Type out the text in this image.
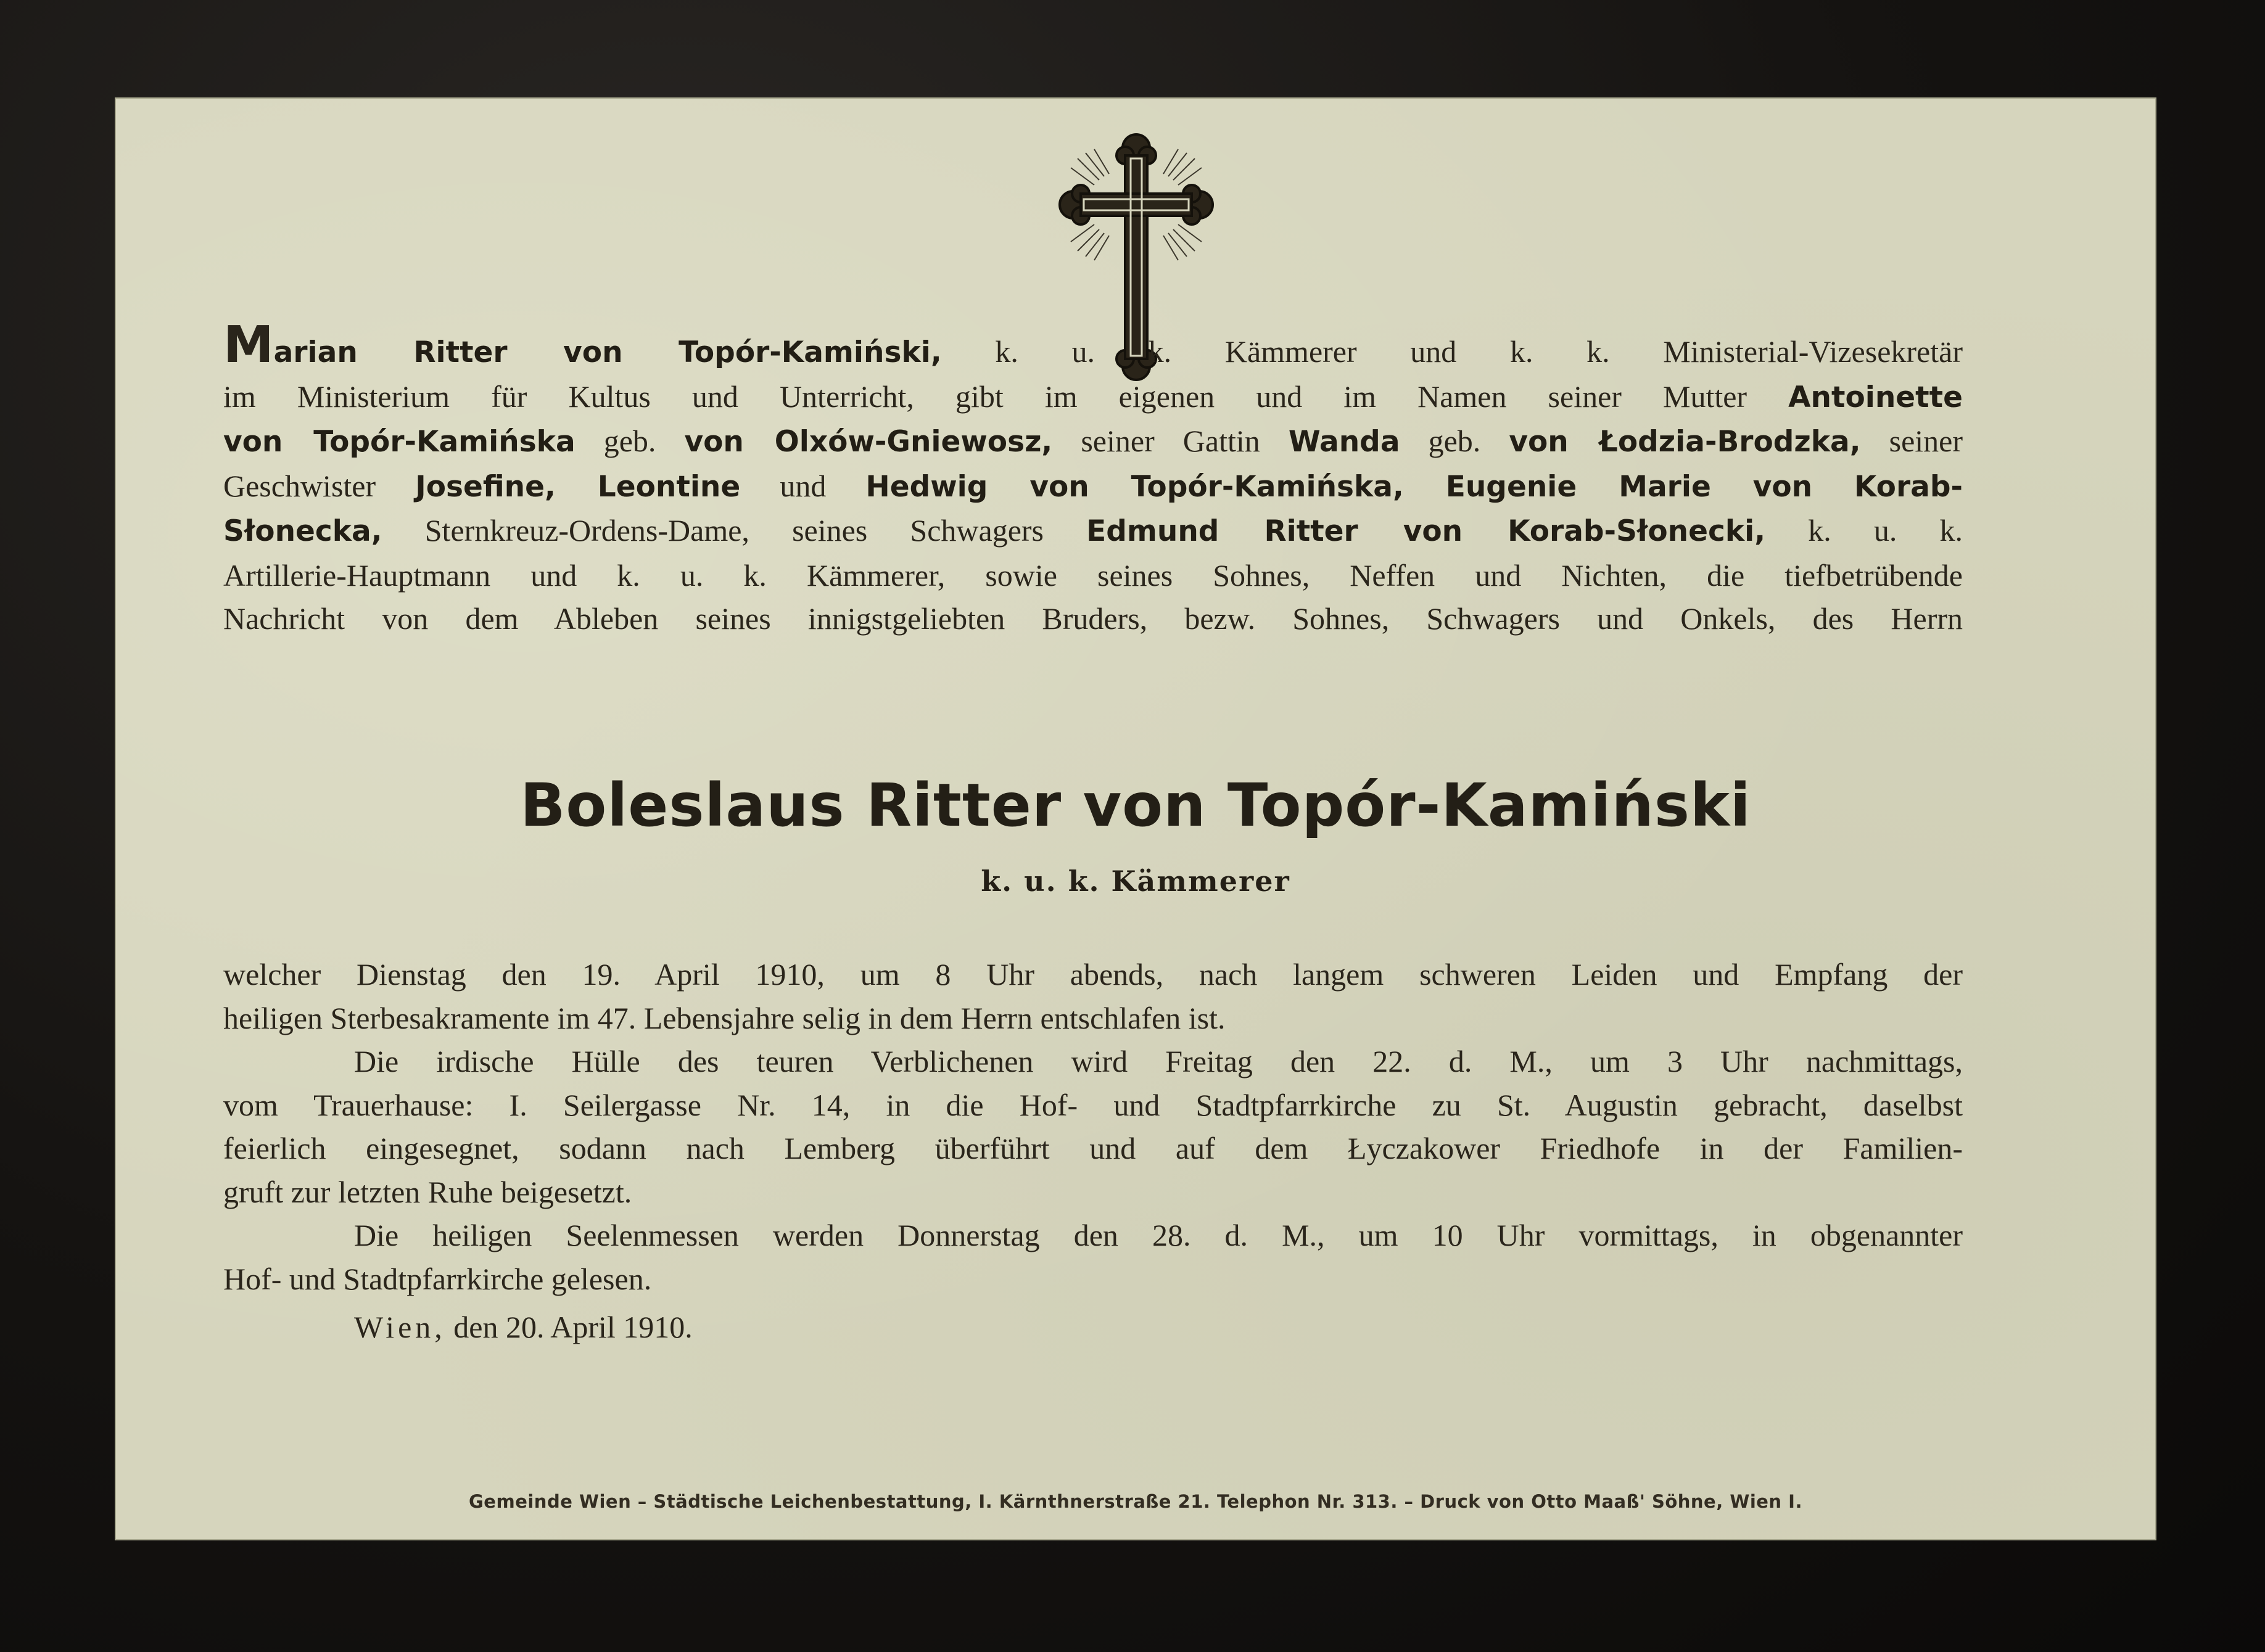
Marian Ritter von Topór-Kamiński, k. u. k. Kämmerer und k. k. Ministerial-Vizesekretär
im Ministerium für Kultus und Unterricht, gibt im eigenen und im Namen seiner Mutter Antoinette
von Topór-Kamińska geb. von Olxów-Gniewosz, seiner Gattin Wanda geb. von Łodzia-Brodzka, seiner
Geschwister Josefine, Leontine und Hedwig von Topór-Kamińska, Eugenie Marie von Korab-
Słonecka, Sternkreuz-Ordens-Dame, seines Schwagers Edmund Ritter von Korab-Słonecki, k. u. k.
Artillerie-Hauptmann und k. u. k. Kämmerer, sowie seines Sohnes, Neffen und Nichten, die tiefbetrübende
Nachricht von dem Ableben seines innigstgeliebten Bruders, bezw. Sohnes, Schwagers und Onkels, des Herrn
Boleslaus Ritter von Topór-Kamiński
k. u. k. Kämmerer
welcher Dienstag den 19. April 1910, um 8 Uhr abends, nach langem schweren Leiden und Empfang der
heiligen Sterbesakramente im 47. Lebensjahre selig in dem Herrn entschlafen ist.
Die irdische Hülle des teuren Verblichenen wird Freitag den 22. d. M., um 3 Uhr nachmittags,
vom Trauerhause: I. Seilergasse Nr. 14, in die Hof- und Stadtpfarrkirche zu St. Augustin gebracht, daselbst
feierlich eingesegnet, sodann nach Lemberg überführt und auf dem Łyczakower Friedhofe in der Familien-
gruft zur letzten Ruhe beigesetzt.
Die heiligen Seelenmessen werden Donnerstag den 28. d. M., um 10 Uhr vormittags, in obgenannter
Hof- und Stadtpfarrkirche gelesen.
Wien, den 20. April 1910.
Gemeinde Wien – Städtische Leichenbestattung, I. Kärnthnerstraße 21. Telephon Nr. 313. – Druck von Otto Maaß' Söhne, Wien I.
